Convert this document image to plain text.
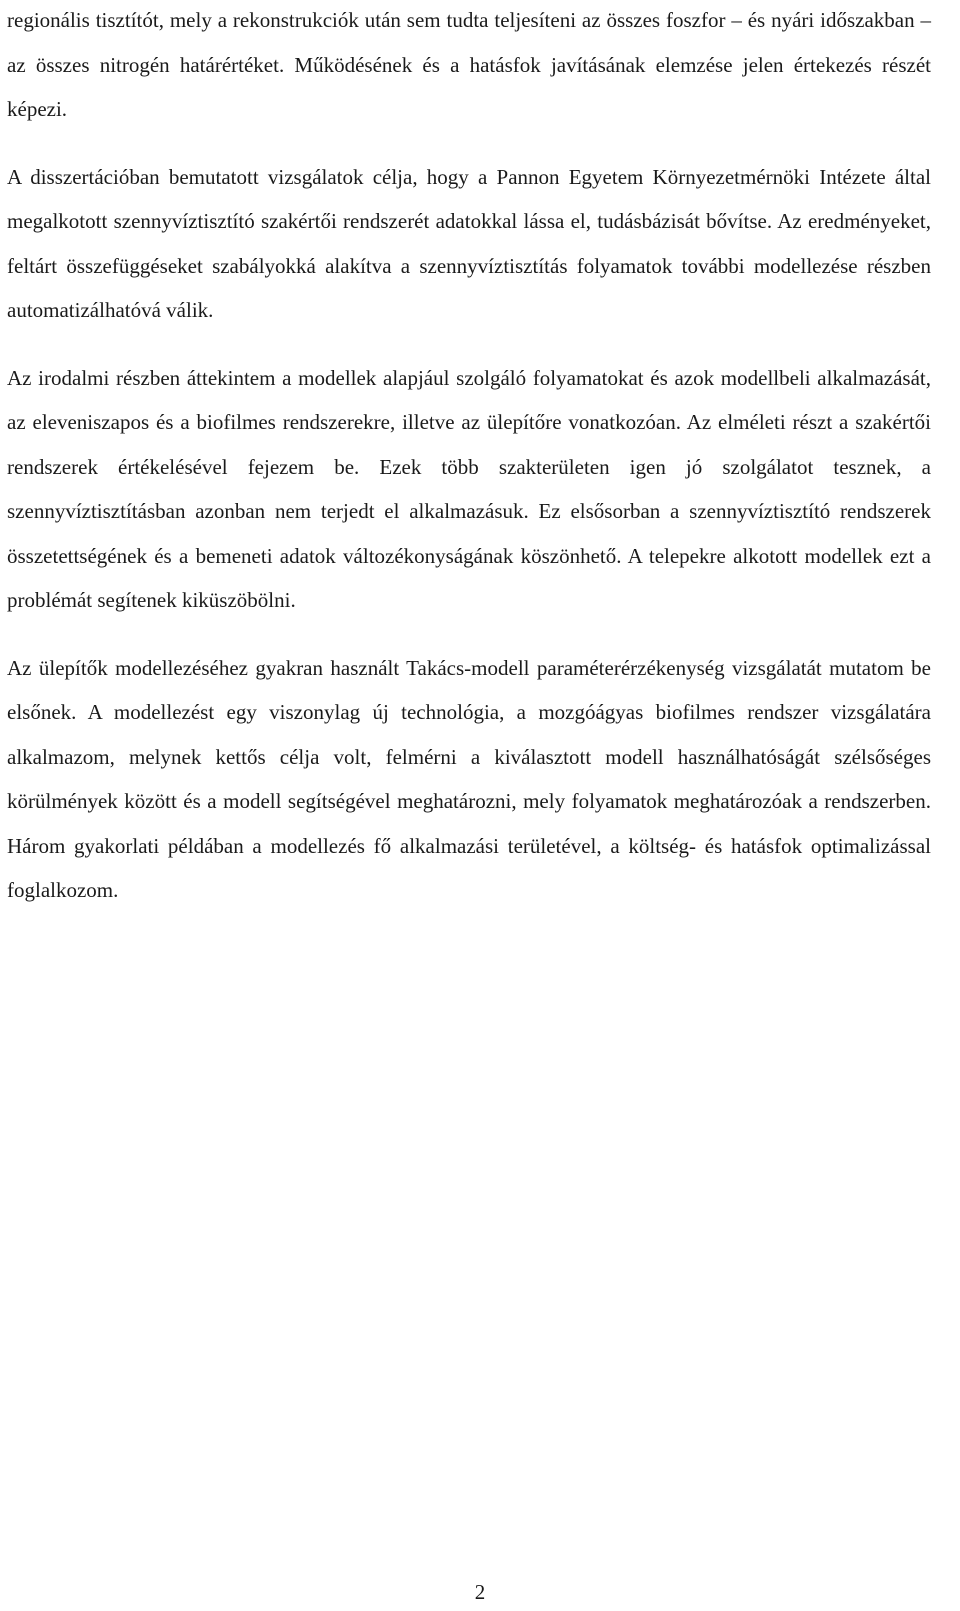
regionális tisztítót, mely a rekonstrukciók után sem tudta teljesíteni az összes foszfor – és nyári időszakban – az összes nitrogén határértéket. Működésének és a hatásfok javításának elemzése jelen értekezés részét képezi.

A disszertációban bemutatott vizsgálatok célja, hogy a Pannon Egyetem Környezetmérnöki Intézete által megalkotott szennyvíztisztító szakértői rendszerét adatokkal lássa el, tudásbázisát bővítse. Az eredményeket, feltárt összefüggéseket szabályokká alakítva a szennyvíztisztítás folyamatok további modellezése részben automatizálhatóvá válik.

Az irodalmi részben áttekintem a modellek alapjául szolgáló folyamatokat és azok modellbeli alkalmazását, az eleveniszapos és a biofilmes rendszerekre, illetve az ülepítőre vonatkozóan. Az elméleti részt a szakértői rendszerek értékelésével fejezem be. Ezek több szakterületen igen jó szolgálatot tesznek, a szennyvíztisztításban azonban nem terjedt el alkalmazásuk. Ez elsősorban a szennyvíztisztító rendszerek összetettségének és a bemeneti adatok változékonyságának köszönhető. A telepekre alkotott modellek ezt a problémát segítenek kiküszöbölni.

Az ülepítők modellezéséhez gyakran használt Takács-modell paraméterérzékenység vizsgálatát mutatom be elsőnek. A modellezést egy viszonylag új technológia, a mozgóágyas biofilmes rendszer vizsgálatára alkalmazom, melynek kettős célja volt, felmérni a kiválasztott modell használhatóságát szélsőséges körülmények között és a modell segítségével meghatározni, mely folyamatok meghatározóak a rendszerben. Három gyakorlati példában a modellezés fő alkalmazási területével, a költség- és hatásfok optimalizással foglalkozom.

2
